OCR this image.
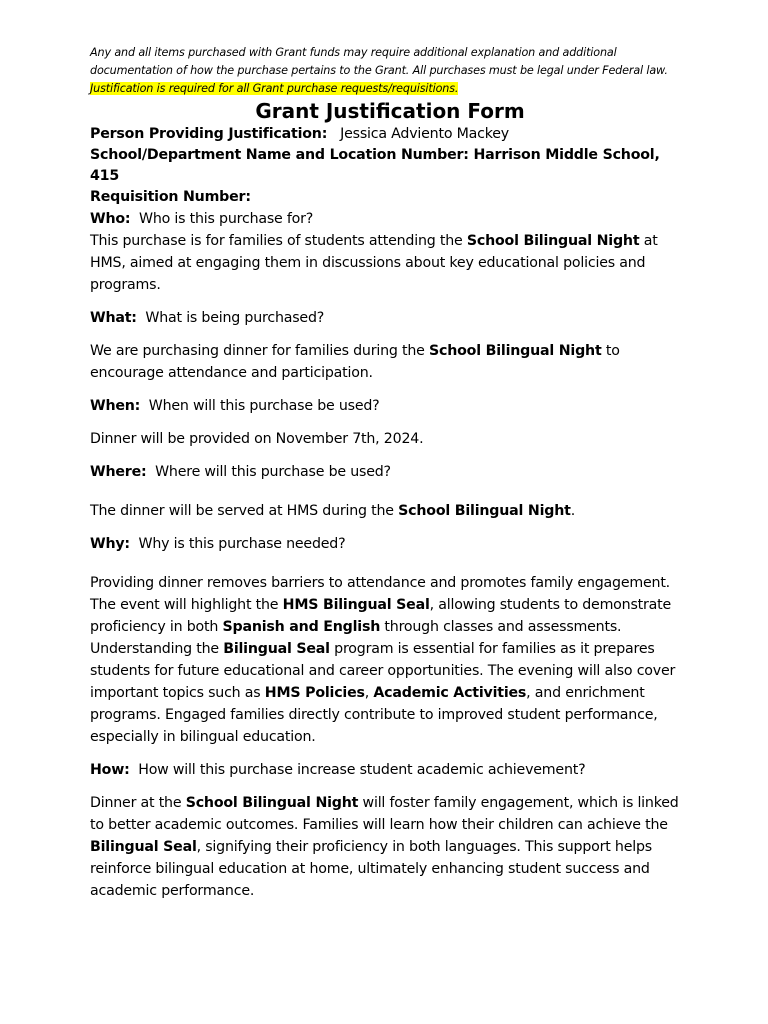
Any and all items purchased with Grant funds may require additional explanation and additional documentation of how the purchase pertains to the Grant. All purchases must be legal under Federal law. Justification is required for all Grant purchase requests/requisitions.

Grant Justification Form

Person Providing Justification: Jessica Adviento Mackey

School/Department Name and Location Number: Harrison Middle School, 415

Requisition Number:

Who: Who is this purchase for?

This purchase is for families of students attending the School Bilingual Night at HMS, aimed at engaging them in discussions about key educational policies and programs.

What: What is being purchased?

We are purchasing dinner for families during the School Bilingual Night to encourage attendance and participation.

When: When will this purchase be used?

Dinner will be provided on November 7th, 2024.

Where: Where will this purchase be used?

The dinner will be served at HMS during the School Bilingual Night.

Why: Why is this purchase needed?

Providing dinner removes barriers to attendance and promotes family engagement. The event will highlight the HMS Bilingual Seal, allowing students to demonstrate proficiency in both Spanish and English through classes and assessments. Understanding the Bilingual Seal program is essential for families as it prepares students for future educational and career opportunities. The evening will also cover important topics such as HMS Policies, Academic Activities, and enrichment programs. Engaged families directly contribute to improved student performance, especially in bilingual education.

How: How will this purchase increase student academic achievement?

Dinner at the School Bilingual Night will foster family engagement, which is linked to better academic outcomes. Families will learn how their children can achieve the Bilingual Seal, signifying their proficiency in both languages. This support helps reinforce bilingual education at home, ultimately enhancing student success and academic performance.
